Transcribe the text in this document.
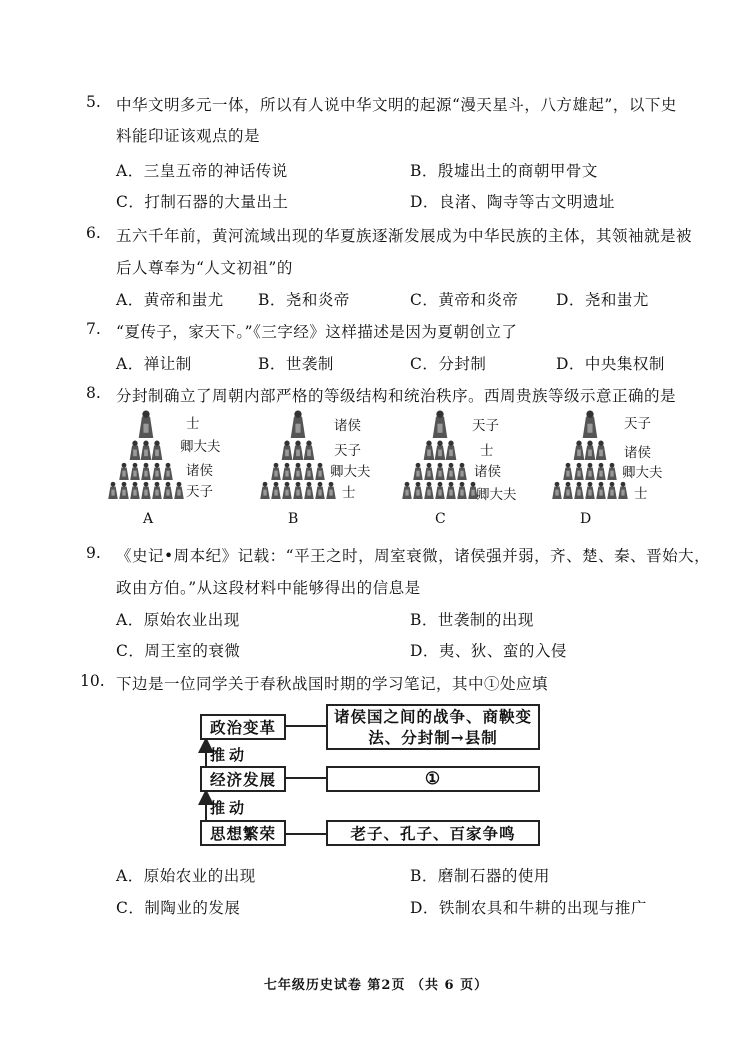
5. 中华文明多元一体，所以有人说中华文明的起源“漫天星斗，八方雄起”，以下史
料能印证该观点的是
A．三皇五帝的神话传说	B．殷墟出土的商朝甲骨文
C．打制石器的大量出土	D．良渚、陶寺等古文明遗址
6. 五六千年前，黄河流域出现的华夏族逐渐发展成为中华民族的主体，其领袖就是被
后人尊奉为“人文初祖”的
A．黄帝和蚩尤 B．尧和炎帝	C．黄帝和炎帝 D．尧和蚩尤
7. “夏传子，家天下。”《三字经》这样描述是因为夏朝创立了
A．禅让制	B．世袭制	C．分封制	D．中央集权制
8. 分封制确立了周朝内部严格的等级结构和统治秩序。西周贵族等级示意正确的是
士
卿大夫
诸侯
天子
诸侯
天子
卿大夫
士
天子
士
诸侯
卿大夫
天子
诸侯
卿大夫
士
A	B	C	D
9. 《史记•周本纪》记载：“平王之时，周室衰微，诸侯强并弱，齐、楚、秦、晋始大，
政由方伯。”从这段材料中能够得出的信息是
A．原始农业出现	B．世袭制的出现
C．周王室的衰微	D．夷、狄、蛮的入侵
10. 下边是一位同学关于春秋战国时期的学习笔记，其中①处应填
政治变革
经济发展
思想繁荣
诸侯国之间的战争、商鞅变法、分封制→县制
①
老子、孔子、百家争鸣
推动
推动
A．原始农业的出现	B．磨制石器的使用
C．制陶业的发展	D．铁制农具和牛耕的出现与推广
七年级历史试卷 第2页 （共 6 页）
